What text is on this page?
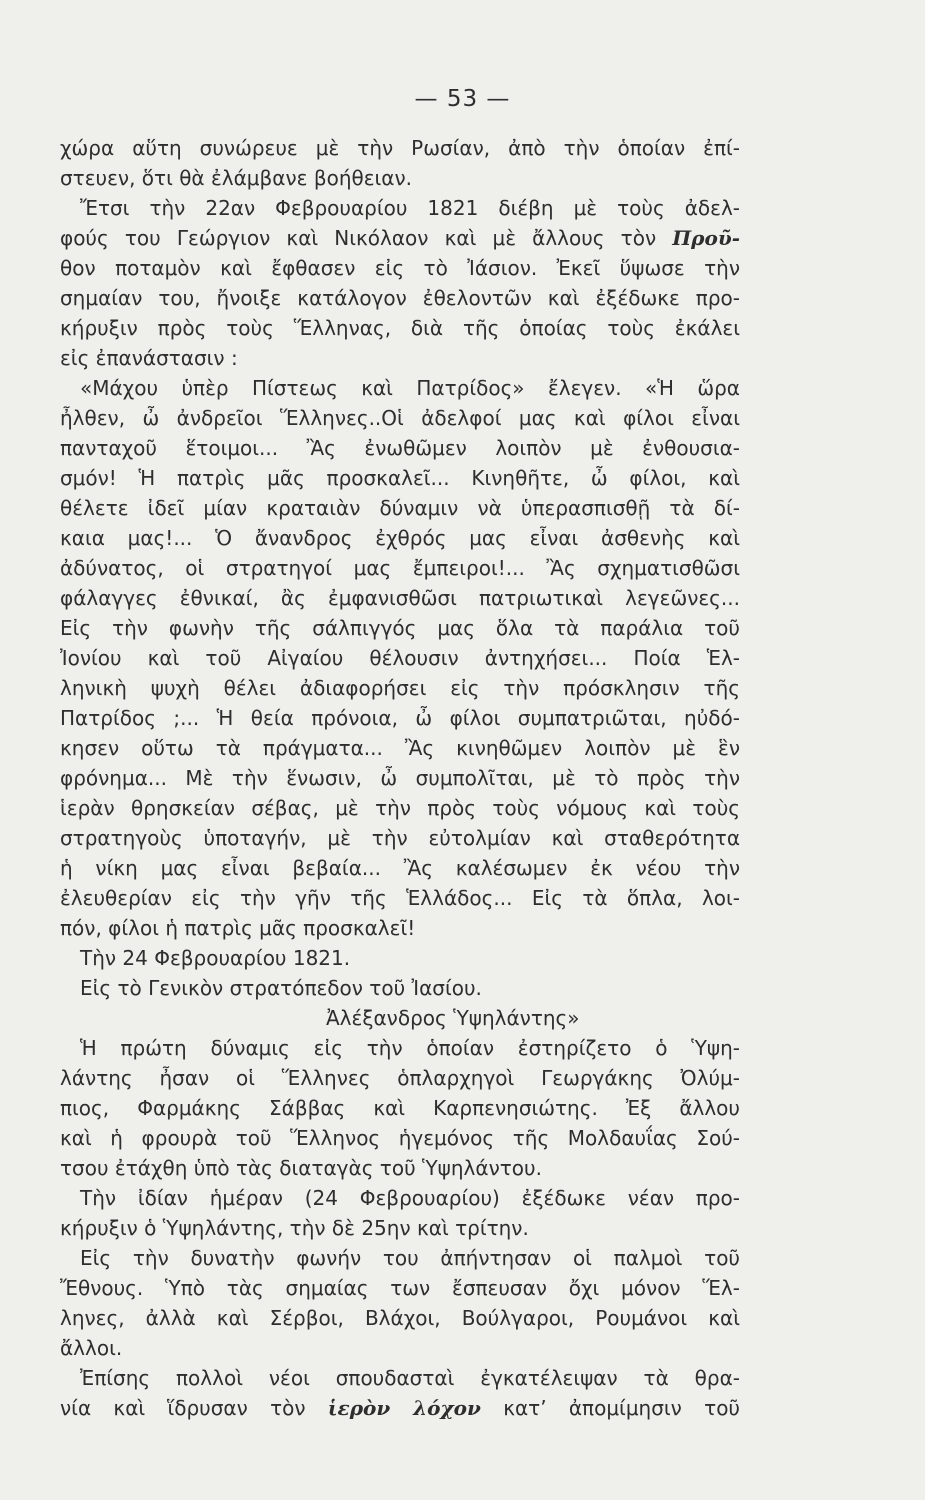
— 53 —
χώρα αὕτη συνώρευε μὲ τὴν Ρωσίαν, ἀπὸ τὴν ὁποίαν ἐπί-
στευεν, ὅτι θὰ ἐλάμβανε βοήθειαν.
Ἔτσι τὴν 22αν Φεβρουαρίου 1821 διέβη μὲ τοὺς ἀδελ-
φούς του Γεώργιον καὶ Νικόλαον καὶ μὲ ἄλλους τὸν Προῦ-
θον ποταμὸν καὶ ἔφθασεν εἰς τὸ Ἰάσιον. Ἐκεῖ ὕψωσε τὴν
σημαίαν του, ἤνοιξε κατάλογον ἐθελοντῶν καὶ ἐξέδωκε προ-
κήρυξιν πρὸς τοὺς Ἕλληνας, διὰ τῆς ὁποίας τοὺς ἐκάλει
εἰς ἐπανάστασιν :
«Μάχου ὑπὲρ Πίστεως καὶ Πατρίδος» ἔλεγεν. «Ἡ ὥρα
ἦλθεν, ὦ ἀνδρεῖοι Ἕλληνες..Οἱ ἀδελφοί μας καὶ φίλοι εἶναι
πανταχοῦ ἕτοιμοι... Ἂς ἐνωθῶμεν λοιπὸν μὲ ἐνθουσια-
σμόν! Ἡ πατρὶς μᾶς προσκαλεῖ... Κινηθῆτε, ὦ φίλοι, καὶ
θέλετε ἰδεῖ μίαν κραταιὰν δύναμιν νὰ ὑπερασπισθῇ τὰ δί-
καια μας!... Ὁ ἄνανδρος ἐχθρός μας εἶναι ἀσθενὴς καὶ
ἀδύνατος, οἱ στρατηγοί μας ἔμπειροι!... Ἂς σχηματισθῶσι
φάλαγγες ἐθνικαί, ἂς ἐμφανισθῶσι πατριωτικαὶ λεγεῶνες...
Εἰς τὴν φωνὴν τῆς σάλπιγγός μας ὅλα τὰ παράλια τοῦ
Ἰονίου καὶ τοῦ Αἰγαίου θέλουσιν ἀντηχήσει... Ποία Ἑλ-
ληνικὴ ψυχὴ θέλει ἀδιαφορήσει εἰς τὴν πρόσκλησιν τῆς
Πατρίδος ;... Ἡ θεία πρόνοια, ὦ φίλοι συμπατριῶται, ηὐδό-
κησεν οὕτω τὰ πράγματα... Ἂς κινηθῶμεν λοιπὸν μὲ ἓν
φρόνημα... Μὲ τὴν ἕνωσιν, ὦ συμπολῖται, μὲ τὸ πρὸς τὴν
ἱερὰν θρησκείαν σέβας, μὲ τὴν πρὸς τοὺς νόμους καὶ τοὺς
στρατηγοὺς ὑποταγήν, μὲ τὴν εὐτολμίαν καὶ σταθερότητα
ἡ νίκη μας εἶναι βεβαία... Ἂς καλέσωμεν ἐκ νέου τὴν
ἐλευθερίαν εἰς τὴν γῆν τῆς Ἑλλάδος... Εἰς τὰ ὅπλα, λοι-
πόν, φίλοι ἡ πατρὶς μᾶς προσκαλεῖ!
Τὴν 24 Φεβρουαρίου 1821.
Εἰς τὸ Γενικὸν στρατόπεδον τοῦ Ἰασίου.
Ἀλέξανδρος Ὑψηλάντης»
Ἡ πρώτη δύναμις εἰς τὴν ὁποίαν ἐστηρίζετο ὁ Ὑψη-
λάντης ἦσαν οἱ Ἕλληνες ὁπλαρχηγοὶ Γεωργάκης Ὀλύμ-
πιος, Φαρμάκης Σάββας καὶ Καρπενησιώτης. Ἐξ ἄλλου
καὶ ἡ φρουρὰ τοῦ Ἕλληνος ἡγεμόνος τῆς Μολδαυΐας Σού-
τσου ἐτάχθη ὑπὸ τὰς διαταγὰς τοῦ Ὑψηλάντου.
Τὴν ἰδίαν ἡμέραν (24 Φεβρουαρίου) ἐξέδωκε νέαν προ-
κήρυξιν ὁ Ὑψηλάντης, τὴν δὲ 25ην καὶ τρίτην.
Εἰς τὴν δυνατὴν φωνήν του ἀπήντησαν οἱ παλμοὶ τοῦ
Ἔθνους. Ὑπὸ τὰς σημαίας των ἔσπευσαν ὄχι μόνον Ἕλ-
ληνες, ἀλλὰ καὶ Σέρβοι, Βλάχοι, Βούλγαροι, Ρουμάνοι καὶ
ἄλλοι.
Ἐπίσης πολλοὶ νέοι σπουδασταὶ ἐγκατέλειψαν τὰ θρα-
νία καὶ ἵδρυσαν τὸν ἱερὸν λόχον κατ’ ἀπομίμησιν τοῦ
